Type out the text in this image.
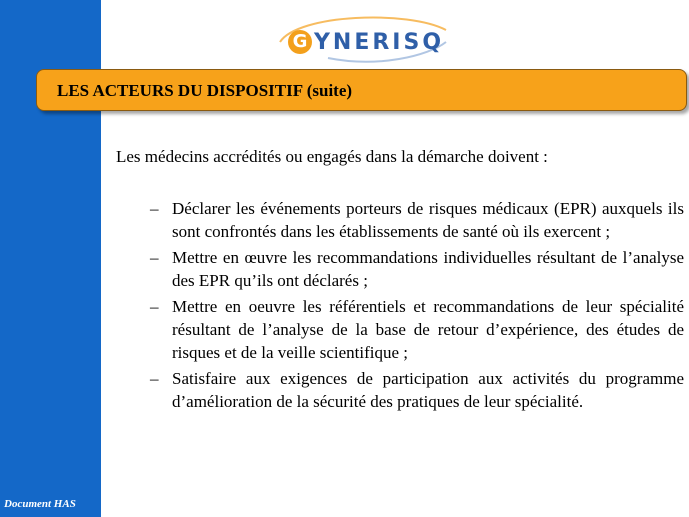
Document HAS
G YNERISQ
LES ACTEURS DU DISPOSITIF (suite)
Les médecins accrédités ou engagés dans la démarche doivent :
– Déclarer les événements porteurs de risques médicaux (EPR) auxquels ils sont confrontés dans les établissements de santé où ils exercent ;
– Mettre en œuvre les recommandations individuelles résultant de l’analyse des EPR qu’ils ont déclarés ;
– Mettre en oeuvre les référentiels et recommandations de leur spécialité résultant de l’analyse de la base de retour d’expérience, des études de risques et de la veille scientifique ;
– Satisfaire aux exigences de participation aux activités du programme d’amélioration de la sécurité des pratiques de leur spécialité.
